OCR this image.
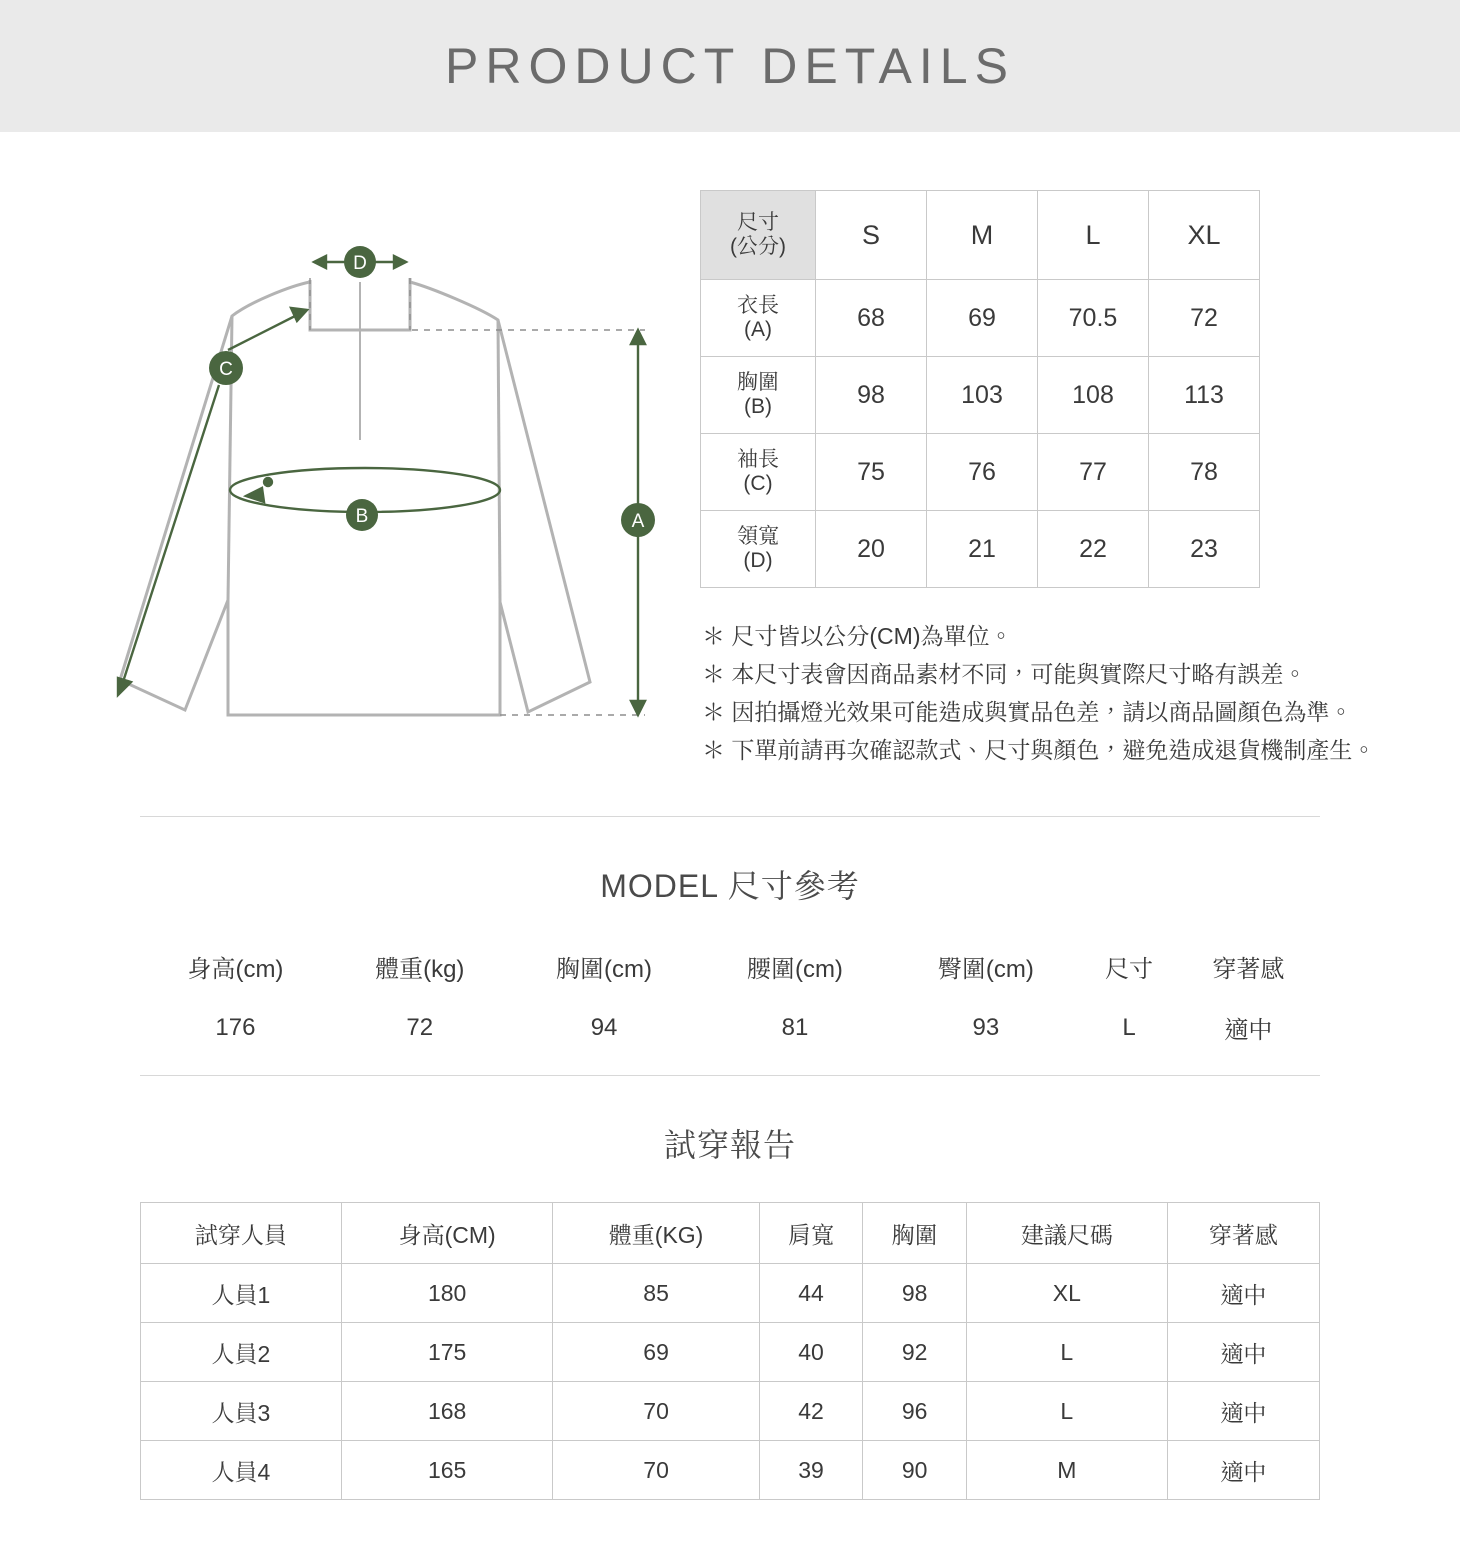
PRODUCT DETAILS
D
A
B
C
尺寸
(公分)	S	M	L	XL
衣長
(A)	68	69	70.5	72
胸圍
(B)	98	103	108	113
袖長
(C)	75	76	77	78
領寬
(D)	20	21	22	23
＊ 尺寸皆以公分(CM)為單位。
＊ 本尺寸表會因商品素材不同，可能與實際尺寸略有誤差。
＊ 因拍攝燈光效果可能造成與實品色差，請以商品圖顏色為準。
＊ 下單前請再次確認款式、尺寸與顏色，避免造成退貨機制產生。
MODEL 尺寸參考
身高(cm)	體重(kg)	胸圍(cm)	腰圍(cm)	臀圍(cm)	尺寸	穿著感
176	72	94	81	93	L	適中
試穿報告
試穿人員	身高(CM)	體重(KG)	肩寬	胸圍	建議尺碼	穿著感
人員1	180	85	44	98	XL	適中
人員2	175	69	40	92	L	適中
人員3	168	70	42	96	L	適中
人員4	165	70	39	90	M	適中
